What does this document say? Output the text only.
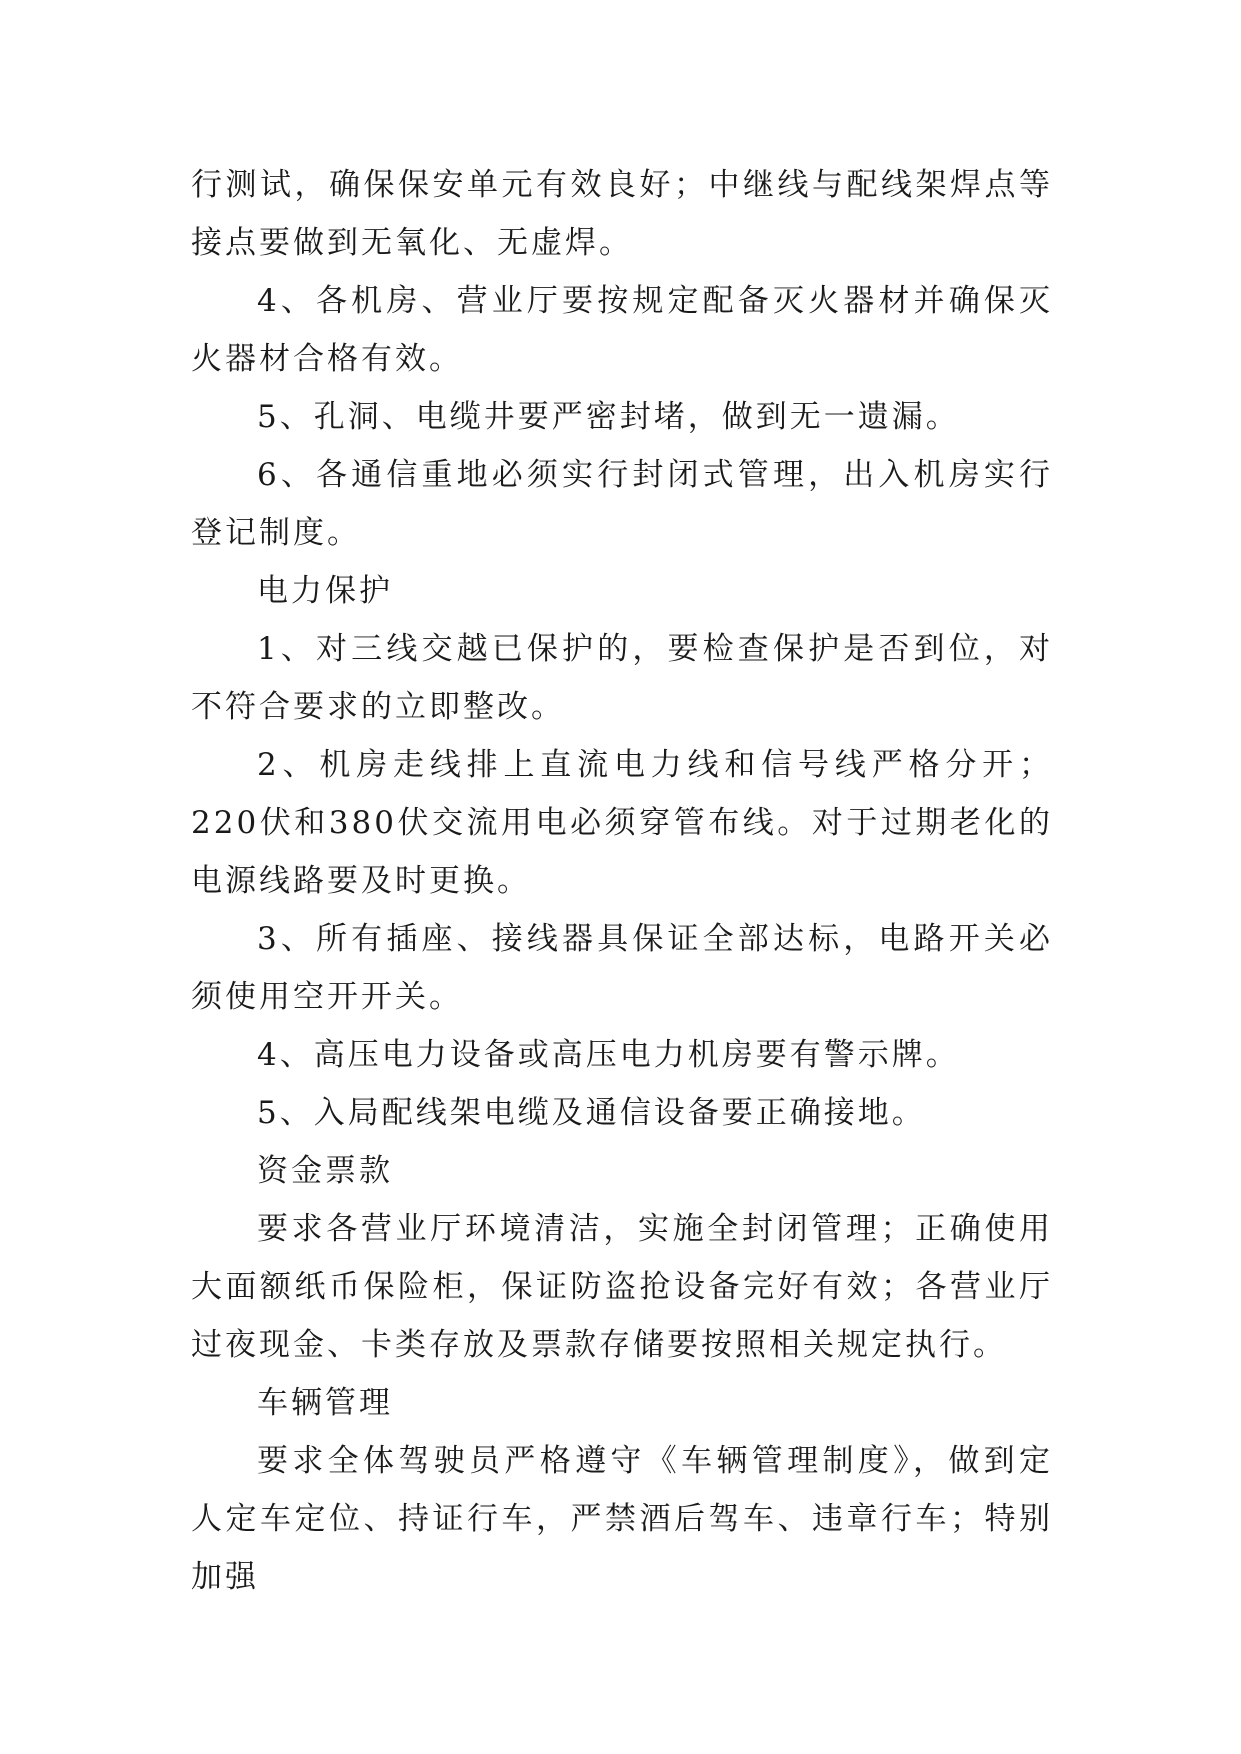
行测试，确保保安单元有效良好；中继线与配线架焊点等接点要做到无氧化、无虚焊。

4、各机房、营业厅要按规定配备灭火器材并确保灭火器材合格有效。

5、孔洞、电缆井要严密封堵，做到无一遗漏。

6、各通信重地必须实行封闭式管理，出入机房实行登记制度。

电力保护

1、对三线交越已保护的，要检查保护是否到位，对不符合要求的立即整改。

2、机房走线排上直流电力线和信号线严格分开；220伏和380伏交流用电必须穿管布线。对于过期老化的电源线路要及时更换。

3、所有插座、接线器具保证全部达标，电路开关必须使用空开开关。

4、高压电力设备或高压电力机房要有警示牌。

5、入局配线架电缆及通信设备要正确接地。

资金票款

要求各营业厅环境清洁，实施全封闭管理；正确使用大面额纸币保险柜，保证防盗抢设备完好有效；各营业厅过夜现金、卡类存放及票款存储要按照相关规定执行。

车辆管理

要求全体驾驶员严格遵守《车辆管理制度》，做到定人定车定位、持证行车，严禁酒后驾车、违章行车；特别加强
